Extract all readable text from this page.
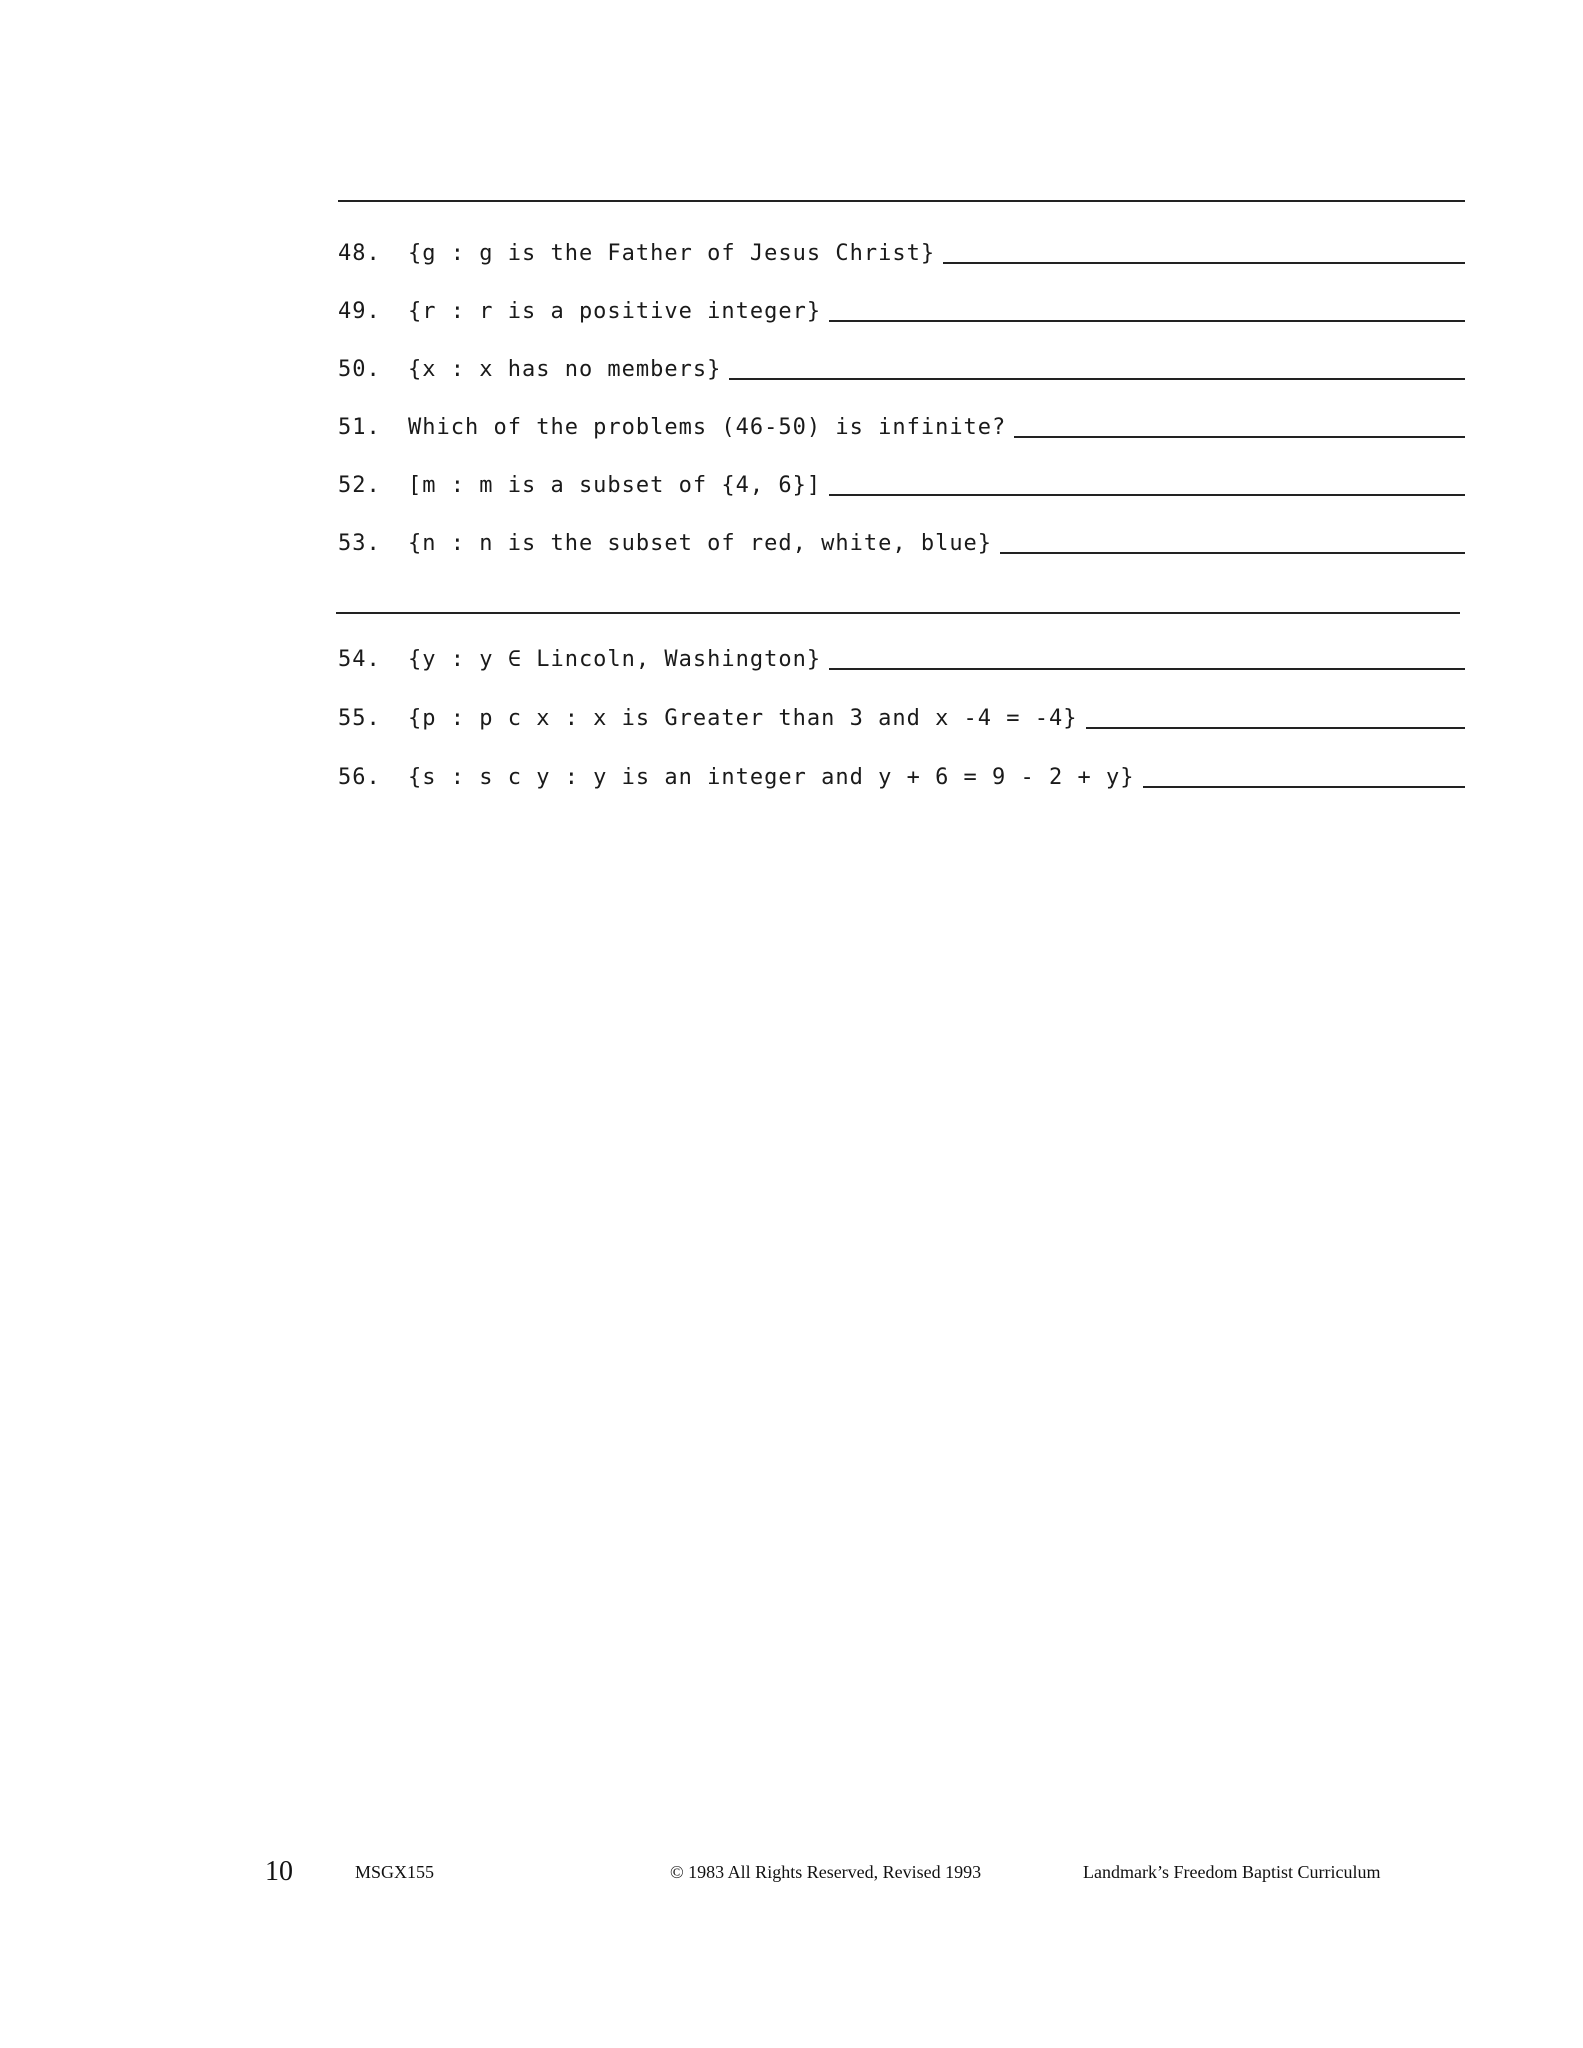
48.	{g : g is the Father of Jesus Christ}
49.	{r : r is a positive integer}
50.	{x : x has no members}
51.	Which of the problems (46-50) is infinite?
52.	[m : m is a subset of {4, 6}]
53.	{n : n is the subset of red, white, blue}
54.	{y : y ∈ Lincoln, Washington}
55.	{p : p c x : x is Greater than 3 and x -4 = -4}
56.	{s : s c y : y is an integer and y + 6 = 9 - 2 + y}
10	MSGX155	© 1983 All Rights Reserved, Revised 1993	Landmark’s Freedom Baptist Curriculum
